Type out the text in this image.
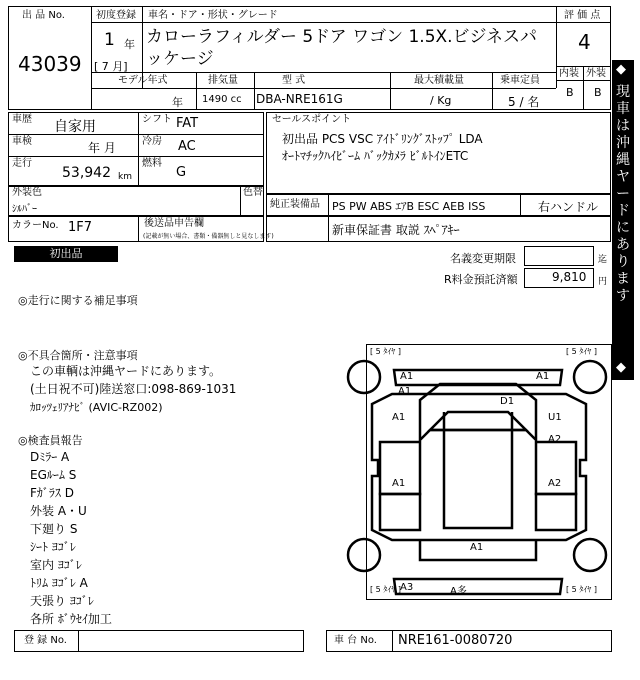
出 品 No.
43039
初度登録
1 年
[ 7 月]
車名・ドア・形状・グレード
カローラフィルダー 5ドア ワゴン 1.5X.ビジネスパッケージ
評 価 点
4
内装 外装
B B
モデル年式	排気量	型 式	最大積載量	乗車定員
年 1490 cc DBA-NRE161G	/ Kg	5 / 名
車歴 自家用	シフト FAT
車検	年 月	冷房 AC
走行
53,942 km
燃料
G
外装色
ｼﾙﾊﾞｰ
色替
カラーNo. 1F7	後送品申告欄
(記載が無い場合、書類・備器無しと見なします)
セールスポイント
初出品 PCS VSC ｱｲﾄﾞﾘﾝｸﾞｽﾄｯﾌﾟ LDA
ｵｰﾄﾏﾁｯｸﾊｲﾋﾞｰﾑ ﾊﾞｯｸｶﾒﾗ ﾋﾞﾙﾄｲﾝETC
純正装備品 PS PW ABS ｴｱB ESC AEB ISS	右ハンドル
新車保証書 取説 ｽﾍﾟｱｷｰ
初出品	名義変更期限	迄
R料金預託済額	9,810 円
◆
現車は沖縄ヤードにあります
◆
◎走行に関する補足事項
◎不具合箇所・注意事項
この車輌は沖縄ヤードにあります。
(土日祝不可)陸送窓口:098-869-1031
ｶﾛｯﾂｪﾘｱﾅﾋﾞ (AVIC-RZ002)
◎検査員報告
Dﾐﾗｰ A
EGﾙｰﾑ S
Fｶﾞﾗｽ D
外装 A・U
下廻り S
ｼｰﾄ ﾖｺﾞﾚ
室内 ﾖｺﾞﾚ
ﾄﾘﾑ ﾖｺﾞﾚ A
天張り ﾖｺﾞﾚ
各所 ﾎﾞｳｾｲ加工
[ 5 ﾀｲﾔ ]	[ 5 ﾀｲﾔ ]
[ 5 ﾀｲﾔ ]	[ 5 ﾀｲﾔ ]
A1	A1
A1
A1
D1
U1
A2
A1	A2
A1
A3	A多
登 録 No.	車 台 No. NRE161-0080720
